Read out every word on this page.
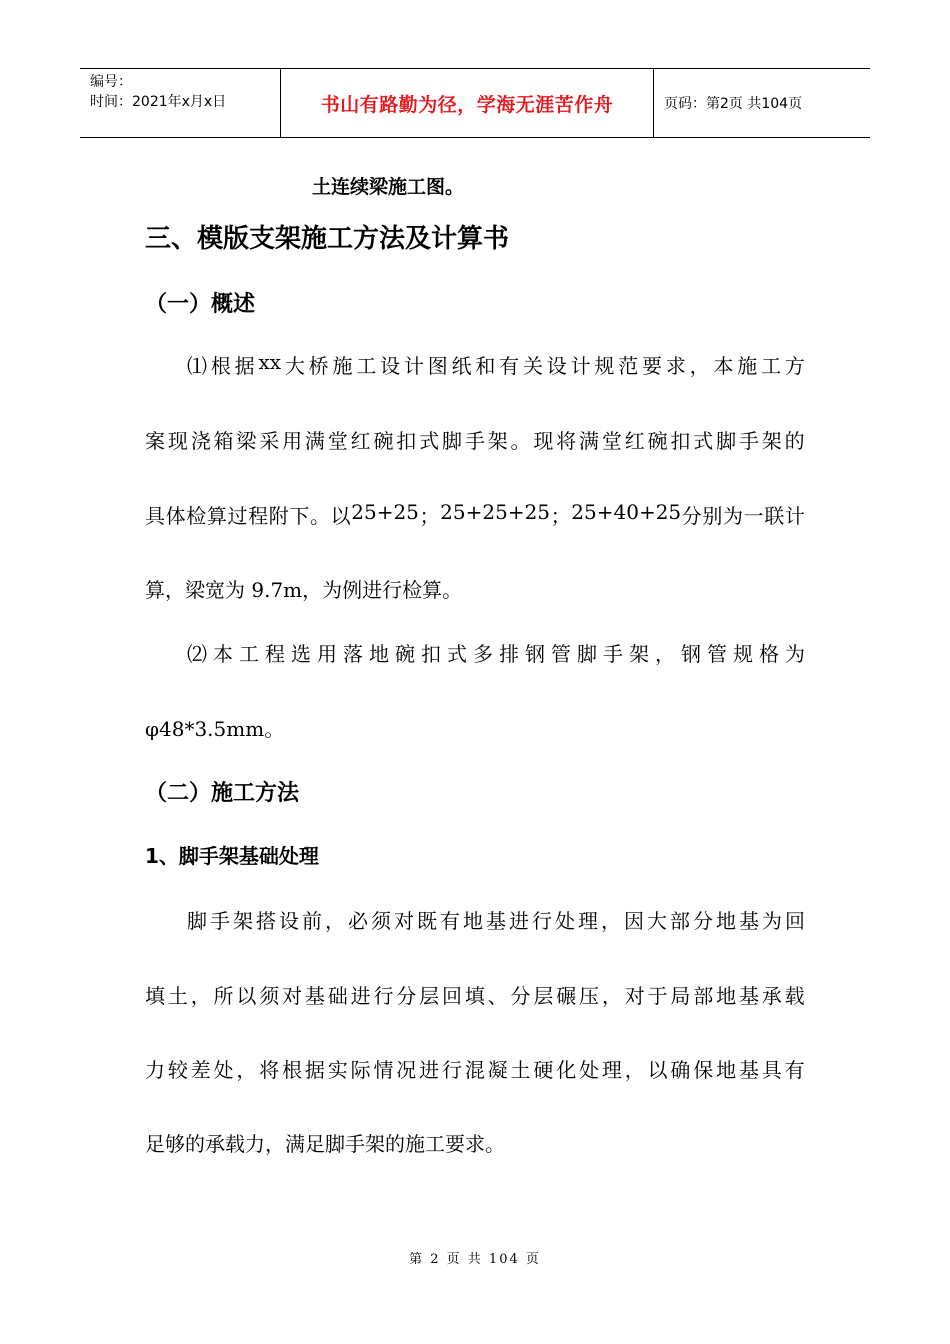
编号：
时间：2021年x月x日	书山有路勤为径，学海无涯苦作舟	页码：第2页 共104页
土连续梁施工图。
三、模版支架施工方法及计算书
（一）概述
⑴ 根 据 xx 大 桥 施 工 设 计 图 纸 和 有 关 设 计 规 范 要 求 ， 本 施 工 方
案 现 浇 箱 梁 采 用 满 堂 红 碗 扣 式 脚 手 架 。 现 将 满 堂 红 碗 扣 式 脚 手 架 的
具 体 检 算 过 程 附 下 。 以 25+25 ； 25+25+25 ； 25+40+25 分 别 为 一 联 计
算，梁宽为 9.7m，为例进行检算。
⑵ 本 工 程 选 用 落 地 碗 扣 式 多 排 钢 管 脚 手 架 ， 钢 管 规 格 为
φ48*3.5mm。
（二）施工方法
1、脚手架基础处理
脚 手 架 搭 设 前 ， 必 须 对 既 有 地 基 进 行 处 理 ， 因 大 部 分 地 基 为 回
填 土 ， 所 以 须 对 基 础 进 行 分 层 回 填 、 分 层 碾 压 ， 对 于 局 部 地 基 承 载
力 较 差 处 ， 将 根 据 实 际 情 况 进 行 混 凝 土 硬 化 处 理 ， 以 确 保 地 基 具 有
足够的承载力，满足脚手架的施工要求。
第 2 页 共 104 页
